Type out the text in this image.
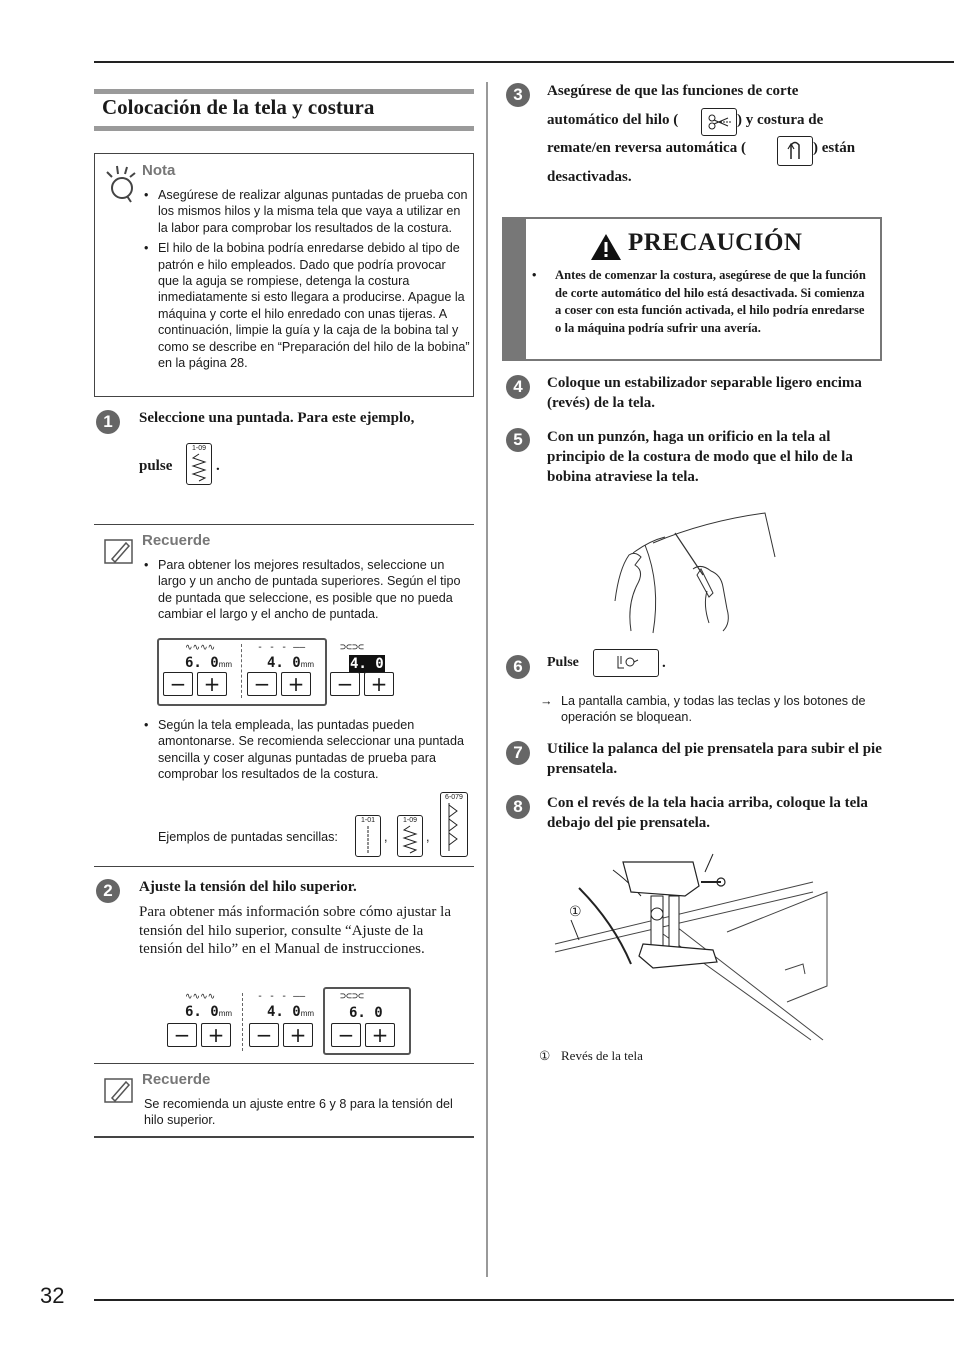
32
Colocación de la tela y costura
Nota
• Asegúrese de realizar algunas puntadas de prueba con los mismos hilos y la misma tela que vaya a utilizar en la labor para comprobar los resultados de la costura.
• El hilo de la bobina podría enredarse debido al tipo de patrón e hilo empleados. Dado que podría provocar que la aguja se rompiese, detenga la costura inmediatamente si esto llegara a producirse. Apague la máquina y corte el hilo enredado con unas tijeras. A continuación, limpie la guía y la caja de la bobina tal y como se describe en “Preparación del hilo de la bobina” en la página 28.
1	Seleccione una puntada. Para este ejemplo,
pulse
1-09
.
Recuerde
• Para obtener los mejores resultados, seleccione un largo y un ancho de puntada superiores. Según el tipo de puntada que seleccione, es posible que no pueda cambiar el largo y el ancho de puntada.
∿∿∿∿
6. 0mm
− +
- - - ——
4. 0mm
− +
⊃⊂⊃⊂
4. 0
− +
• Según la tela empleada, las puntadas pueden amontonarse. Se recomienda seleccionar una puntada sencilla y coser algunas puntadas de prueba para comprobar los resultados de la costura.
Ejemplos de puntadas sencillas:
1-01
,
1-09
,
6-079
2	Ajuste la tensión del hilo superior.
Para obtener más información sobre cómo ajustar la tensión del hilo superior, consulte “Ajuste de la tensión del hilo” en el Manual de instrucciones.
∿∿∿∿
6. 0mm
− +
- - - ——
4. 0mm
− +
⊃⊂⊃⊂
6. 0
− +
Recuerde
Se recomienda un ajuste entre 6 y 8 para la tensión del hilo superior.
3	Asegúrese de que las funciones de corte
automático del hilo (	) y costura de
remate/en reversa automática (	) están
desactivadas.
PRECAUCIÓN
•	Antes de comenzar la costura, asegúrese de que la función de corte automático del hilo está desactivada. Si comienza a coser con esta función activada, el hilo podría enredarse o la máquina podría sufrir una avería.
4	Coloque un estabilizador separable ligero encima (revés) de la tela.
5	Con un punzón, haga un orificio en la tela al principio de la costura de modo que el hilo de la bobina atraviese la tela.
6	Pulse	.
→ La pantalla cambia, y todas las teclas y los botones de operación se bloquean.
7	Utilice la palanca del pie prensatela para subir el pie prensatela.
8	Con el revés de la tela hacia arriba, coloque la tela debajo del pie prensatela.
①
① Revés de la tela
